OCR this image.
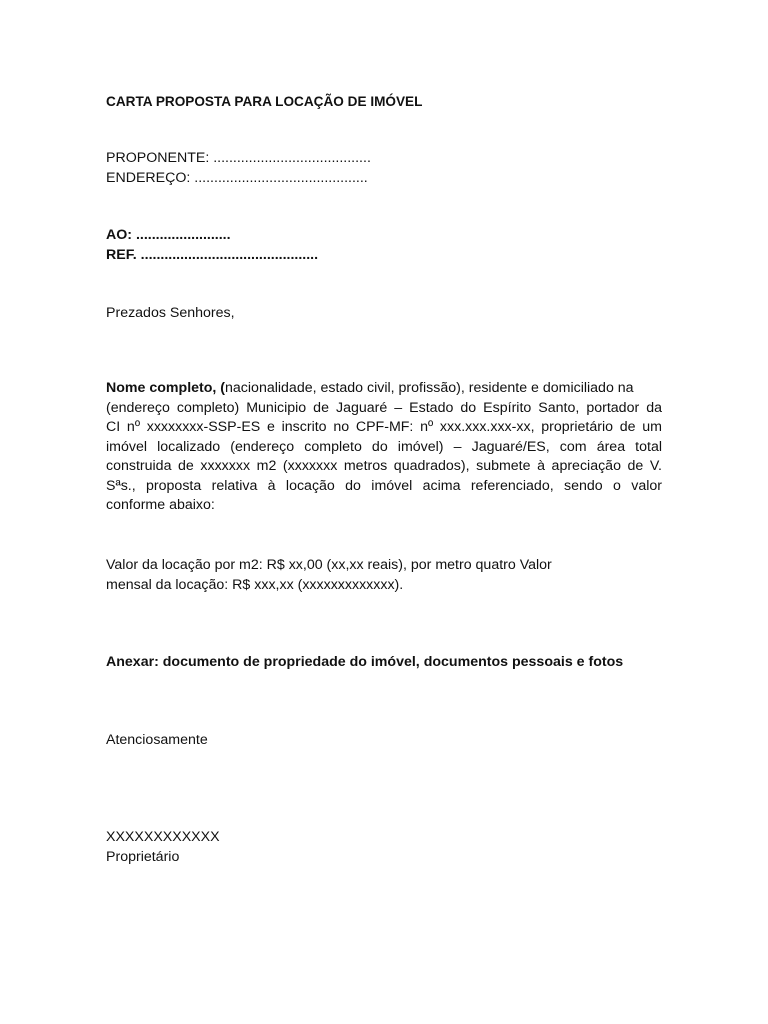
CARTA PROPOSTA PARA LOCAÇÃO DE IMÓVEL
PROPONENTE: ........................................
ENDEREÇO: ............................................
AO: ........................
REF. .............................................
Prezados Senhores,
Nome completo, (nacionalidade, estado civil, profissão), residente e domiciliado na
(endereço completo) Municipio de Jaguaré – Estado do Espírito Santo, portador da
CI nº xxxxxxxx-SSP-ES e inscrito no CPF-MF: nº xxx.xxx.xxx-xx, proprietário de um
imóvel localizado (endereço completo do imóvel) – Jaguaré/ES, com área total
construida de xxxxxxx m2 (xxxxxxx metros quadrados), submete à apreciação de V.
Sªs., proposta relativa à locação do imóvel acima referenciado, sendo o valor
conforme abaixo:
Valor da locação por m2: R$ xx,00 (xx,xx reais), por metro quatro Valor
mensal da locação: R$ xxx,xx (xxxxxxxxxxxxx).
Anexar: documento de propriedade do imóvel, documentos pessoais e fotos
Atenciosamente
XXXXXXXXXXXX
Proprietário
